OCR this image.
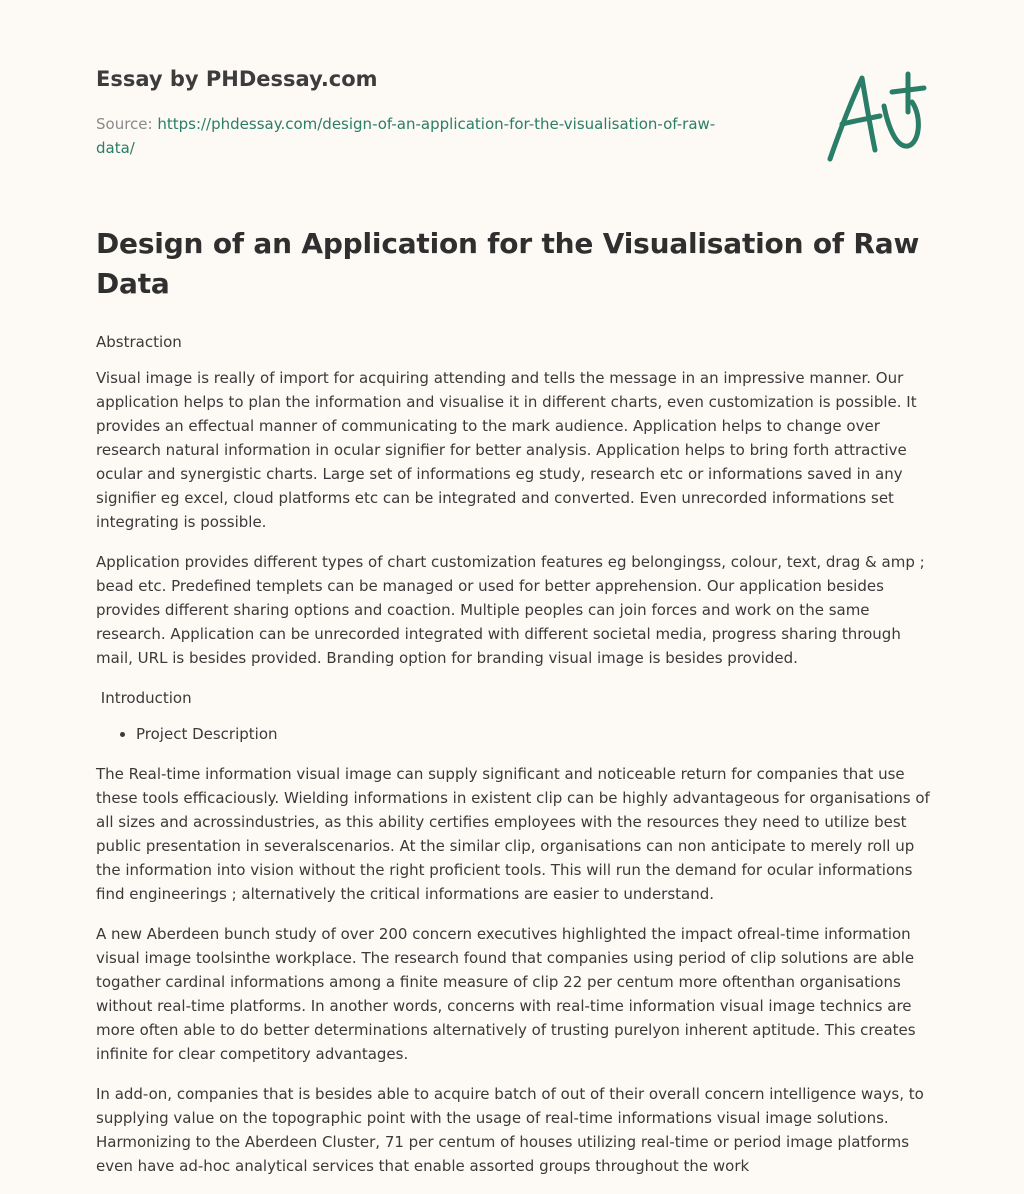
Essay by PHDessay.com
Source: https://phdessay.com/design-of-an-application-for-the-visualisation-of-raw-
data/
Design of an Application for the Visualisation of Raw Data
Abstraction

Visual image is really of import for acquiring attending and tells the message in an impressive manner. Our application helps to plan the information and visualise it in different charts, even customization is possible. It provides an effectual manner of communicating to the mark audience. Application helps to change over research natural information in ocular signifier for better analysis. Application helps to bring forth attractive ocular and synergistic charts. Large set of informations eg study, research etc or informations saved in any signifier eg excel, cloud platforms etc can be integrated and converted. Even unrecorded informations set integrating is possible.

Application provides different types of chart customization features eg belongingss, colour, text, drag & amp ; bead etc. Predefined templets can be managed or used for better apprehension. Our application besides provides different sharing options and coaction. Multiple peoples can join forces and work on the same research. Application can be unrecorded integrated with different societal media, progress sharing through mail, URL is besides provided. Branding option for branding visual image is besides provided.

Introduction
• Project Description

The Real-time information visual image can supply significant and noticeable return for companies that use these tools efficaciously. Wielding informations in existent clip can be highly advantageous for organisations of all sizes and acrossindustries, as this ability certifies employees with the resources they need to utilize best public presentation in severalscenarios. At the similar clip, organisations can non anticipate to merely roll up the information into vision without the right proficient tools. This will run the demand for ocular informations find engineerings ; alternatively the critical informations are easier to understand.

A new Aberdeen bunch study of over 200 concern executives highlighted the impact ofreal-time information visual image toolsinthe workplace. The research found that companies using period of clip solutions are able togather cardinal informations among a finite measure of clip 22 per centum more oftenthan organisations without real-time platforms. In another words, concerns with real-time information visual image technics are more often able to do better determinations alternatively of trusting purelyon inherent aptitude. This creates infinite for clear competitory advantages.

In add-on, companies that is besides able to acquire batch of out of their overall concern intelligence ways, to supplying value on the topographic point with the usage of real-time informations visual image solutions. Harmonizing to the Aberdeen Cluster, 71 per centum of houses utilizing real-time or period image platforms even have ad-hoc analytical services that enable assorted groups throughout the work
